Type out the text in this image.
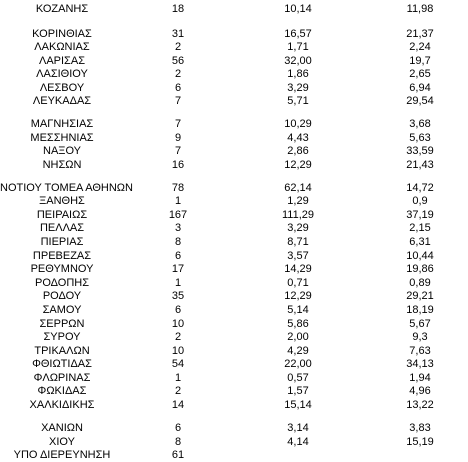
ΚΟΖΑΝΗΣ	18	10,14	11,98
ΚΟΡΙΝΘΙΑΣ	31	16,57	21,37
ΛΑΚΩΝΙΑΣ	2	1,71	2,24
ΛΑΡΙΣΑΣ	56	32,00	19,7
ΛΑΣΙΘΙΟΥ	2	1,86	2,65
ΛΕΣΒΟΥ	6	3,29	6,94
ΛΕΥΚΑΔΑΣ	7	5,71	29,54
ΜΑΓΝΗΣΙΑΣ	7	10,29	3,68
ΜΕΣΣΗΝΙΑΣ	9	4,43	5,63
ΝΑΞΟΥ	7	2,86	33,59
ΝΗΣΩΝ	16	12,29	21,43
ΝΟΤΙΟΥ ΤΟΜΕΑ ΑΘΗΝΩΝ	78	62,14	14,72
ΞΑΝΘΗΣ	1	1,29	0,9
ΠΕΙΡΑΙΩΣ	167	111,29	37,19
ΠΕΛΛΑΣ	3	3,29	2,15
ΠΙΕΡΙΑΣ	8	8,71	6,31
ΠΡΕΒΕΖΑΣ	6	3,57	10,44
ΡΕΘΥΜΝΟΥ	17	14,29	19,86
ΡΟΔΟΠΗΣ	1	0,71	0,89
ΡΟΔΟΥ	35	12,29	29,21
ΣΑΜΟΥ	6	5,14	18,19
ΣΕΡΡΩΝ	10	5,86	5,67
ΣΥΡΟΥ	2	2,00	9,3
ΤΡΙΚΑΛΩΝ	10	4,29	7,63
ΦΘΙΩΤΙΔΑΣ	54	22,00	34,13
ΦΛΩΡΙΝΑΣ	1	0,57	1,94
ΦΩΚΙΔΑΣ	2	1,57	4,96
ΧΑΛΚΙΔΙΚΗΣ	14	15,14	13,22
ΧΑΝΙΩΝ	6	3,14	3,83
ΧΙΟΥ	8	4,14	15,19
ΥΠΟ ΔΙΕΡΕΥΝΗΣΗ	61
